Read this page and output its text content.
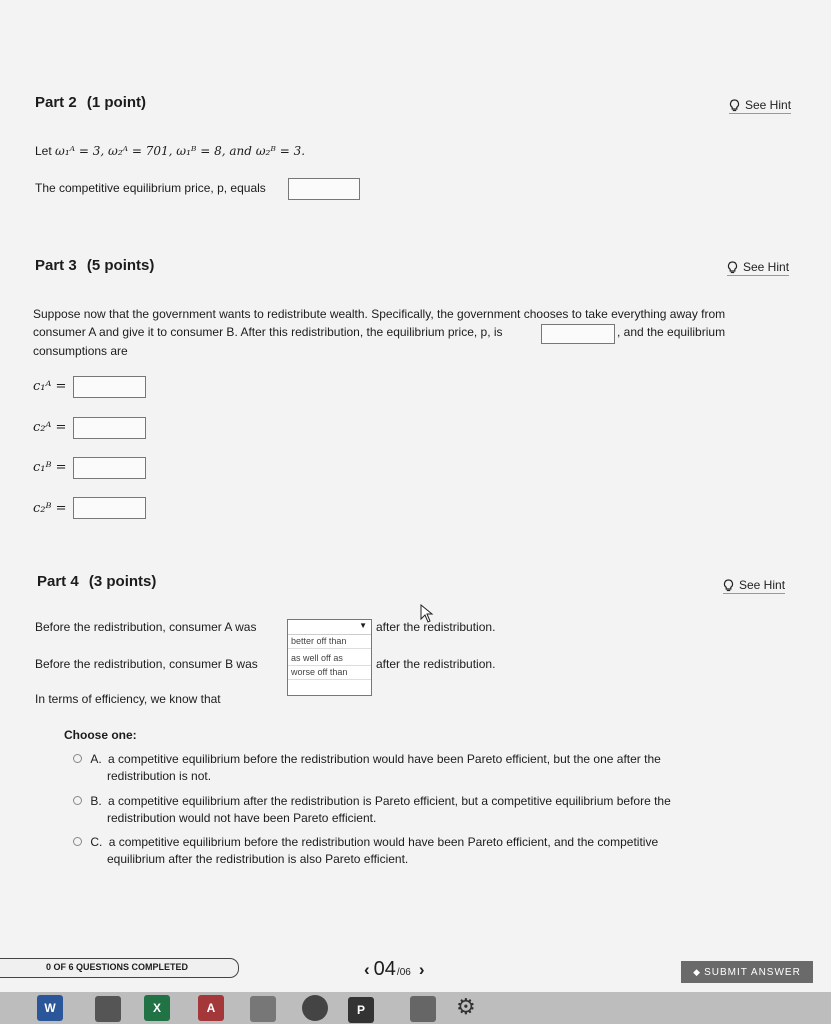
Part 2 (1 point)	See Hint
Let ω₁ᴬ = 3, ω₂ᴬ = 701, ω₁ᴮ = 8, and ω₂ᴮ = 3.
The competitive equilibrium price, p, equals
Part 3 (5 points)	See Hint
Suppose now that the government wants to redistribute wealth. Specifically, the government chooses to take everything away from
consumer A and give it to consumer B. After this redistribution, the equilibrium price, p, is	, and the equilibrium
consumptions are
c₁ᴬ =
c₂ᴬ =
c₁ᴮ =
c₂ᴮ =
Part 4 (3 points)	See Hint
Before the redistribution, consumer A was	▼
better off than
as well off as
worse off than
after the redistribution.
Before the redistribution, consumer B was	after the redistribution.
In terms of efficiency, we know that
Choose one:
A. a competitive equilibrium before the redistribution would have been Pareto efficient, but the one after the
redistribution is not.
B. a competitive equilibrium after the redistribution is Pareto efficient, but a competitive equilibrium before the
redistribution would not have been Pareto efficient.
C. a competitive equilibrium before the redistribution would have been Pareto efficient, and the competitive
equilibrium after the redistribution is also Pareto efficient.
0 OF 6 QUESTIONS COMPLETED	‹ 04 /06 ›	◆ SUBMIT ANSWER
W	X	A	P	⚙
